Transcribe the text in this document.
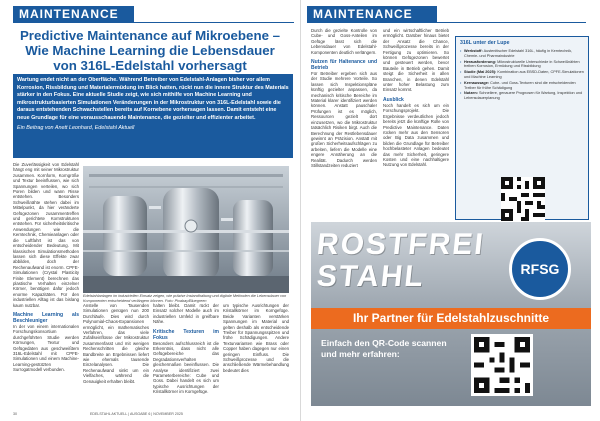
MAINTENANCE
Predictive Maintenance auf Mikroebene – Wie Machine Learning die Lebensdauer von 316L-Edelstahl vorhersagt
Wartung endet nicht an der Oberfläche. Während Betreiber von Edelstahl-Anlagen bisher vor allem Korrosion, Rissbildung und Materialermüdung im Blick hatten, rückt nun die innere Struktur des Materials stärker in den Fokus. Eine aktuelle Studie zeigt, wie sich mithilfe von Machine Learning und mikrostrukturbasierten Simulationen Veränderungen in der Mikrostruktur von 316L-Edelstahl sowie die daraus entstehenden Schwachstellen bereits auf Kornebene vorhersagen lassen. Damit entsteht eine neue Grundlage für eine vorausschauende Maintenance, die gezielter und effizienter arbeitet.
Ein Beitrag von Anett Leonhard, Edelstahl Aktuell
Die Zuverlässigkeit von Edelstahl hängt eng mit seiner Mikrostruktur zusammen. Kornform, Korngröße und Textur beeinflussen, wie sich Spannungen verteilen, wo sich Poren bilden und wann Risse entstehen. Besonders Schweißnähte stehen dabei im Mittelpunkt, da hier veränderte Gefügezonen zusammentreffen und gerichtete Kornstrukturen entstehen. Für sicherheitskritische Anwendungen wie die Kerntechnik, Chemieanlagen oder die Luftfahrt ist das von entscheidender Bedeutung. Mit klassischen Simulationsmethoden lassen sich diese Effekte zwar abbilden, doch der Rechenaufwand ist enorm. CPFE-Simulationen (Crystal Plasticity Finite Element) berechnen das plastische Verhalten einzelner Körner, benötigen dafür jedoch enorme Kapazitäten. Für den industriellen Alltag ist das bislang kaum nutzbar.
Machine Learning als Beschleuniger
In der von einem internationalen Forschungskonsortium durchgeführten Studie werden Körnungen, Textur und Gefügedaten aus geschweißtem 316L-Edelstahl mit CPFE-Simulationen und einem Machine-Learning-gestützten Surrogatmodell verbunden.
Edelstahlanlagen im industriellen Einsatz zeigen, wie präzise Instandhaltung und digitale Methoden die Lebensdauer von Komponenten entscheidend verlängern können. Foto: Pixabay/Bluegreen
Anstelle von Tausenden Simulationen genügen nun 200 Durchläufe. Dies wird durch Polynomial-Chaos-Expansionen ermöglicht, ein mathematisches Verfahren, das viele Zufallseinflüsse der Mikrostruktur zusammenfasst und mit wenigen Rechenschritten die gleiche Bandbreite an Ergebnissen liefert wie ehemals tausende Einzelanalysen. Die Rechenaufwand sinkt um ein Vielfaches, während die Genauigkeit erhalten bleibt.
halten bleibt. Damit rückt der Einsatz solcher Modelle auch im industriellen Umfeld in greifbare Nähe.
Kritische Texturen im Fokus
Besonders aufschlussreich ist die Erkenntnis, dass nicht alle Gefügebereiche das Degradationsverhalten gleichermaßen beeinflussen. Die Analyse identifiziert zwei Parameterbereiche: Cube und Goss. Dabei handelt es sich um typische Ausrichtungen der Kristallkörner im Korngefüge.
um typische Ausrichtungen der Kristallkörner im Korngefüge. Beide Varianten verstärken Spannungen im Material und gelten deshalb als entscheidende Treiber für Spannungsspitzen und frühe Schädigungen. Andere Texturvarianten wie Brass oder Copper haben dagegen nur einen geringen Einfluss. Die Schweißprozesse und die anschließende Wärmebehandlung bedeutet dies
30	EDELSTAHL AKTUELL | AUSGABE 6 | NOVEMBER 2025
MAINTENANCE
Durch die gezielte Kontrolle von Cube- und Goss-Anteilen im Gefüge lässt sich die Lebensdauer von Edelstahl-Komponenten deutlich verlängern.
Nutzen für Haltenance und Betrieb
Für Betreiber ergeben sich aus der Studie mehrere Vorteile. So lassen sich Inspektionspläne künftig gezielter anpassen, da mechanisch kritische Bereiche im Material klarer identifiziert werden können. Anstatt pauschaler Prüfungen ist es möglich, Ressourcen gezielt dort einzusetzen, wo die Mikrostruktur tatsächlich Risiken birgt. Auch die Berechnung der Restlebensdauer gewinnt an Präzision. Anstatt mit großen Sicherheitsaufschlägen zu arbeiten, liefern die Modelle eine engere Annäherung an die Realität. Dadurch werden Stillstandzeiten reduziert
und ein wirtschaftlicher Betrieb ermöglicht. Darüber hinaus bietet der Ansatz die Chance, Schweißprozesse bereits in der Fertigung zu optimieren. So können Gefügezonen bewertet und gesteuert werden, bevor Bauteile in Betrieb gehen. Damit steigt die Sicherheit in allen Branchen, in denen Edelstahl unter hoher Belastung zum Einsatz kommt.
Ausblick
Noch handelt es sich um ein Forschungsprojekt. Die Ergebnisse verdeutlichen jedoch bereits jetzt die künftige Rolle von Predictive Maintenance. Daten rücken mehr aus den Sensoren oder Big Data zusammen und bilden die Grundlage für Betreiber hochbelasteter Anlagen bedeutet das mehr Sicherheit, geringere Kosten und eine nachhaltigere Nutzung von Edelstahl.
316L unter der Lupe
• Werkstoff: Austenitischer Edelstahl 316L, häufig in Kerntechnik, Chemie- und Pharmaindustrie
• Herausforderung: Mikrostrukturelle Unterschiede in Schweißnähten treiben Korrosion, Ermüdung und Rissbildung
• Studie (Mai 2025): Kombination aus EBSD-Daten, CPFE-Simulationen und Machine Learning
• Kernaussage: Cube- und Goss-Texturen sind die entscheidenden Treiber für frühe Schädigung
• Nutzen: Schnellere, genauere Prognosen für Wartung, Inspektion und Lebensdauerplanung
ROSTFREI
STAHL	RFSG
Ihr Partner für Edelstahlzuschnitte
Einfach den QR-Code scannen und mehr erfahren:
